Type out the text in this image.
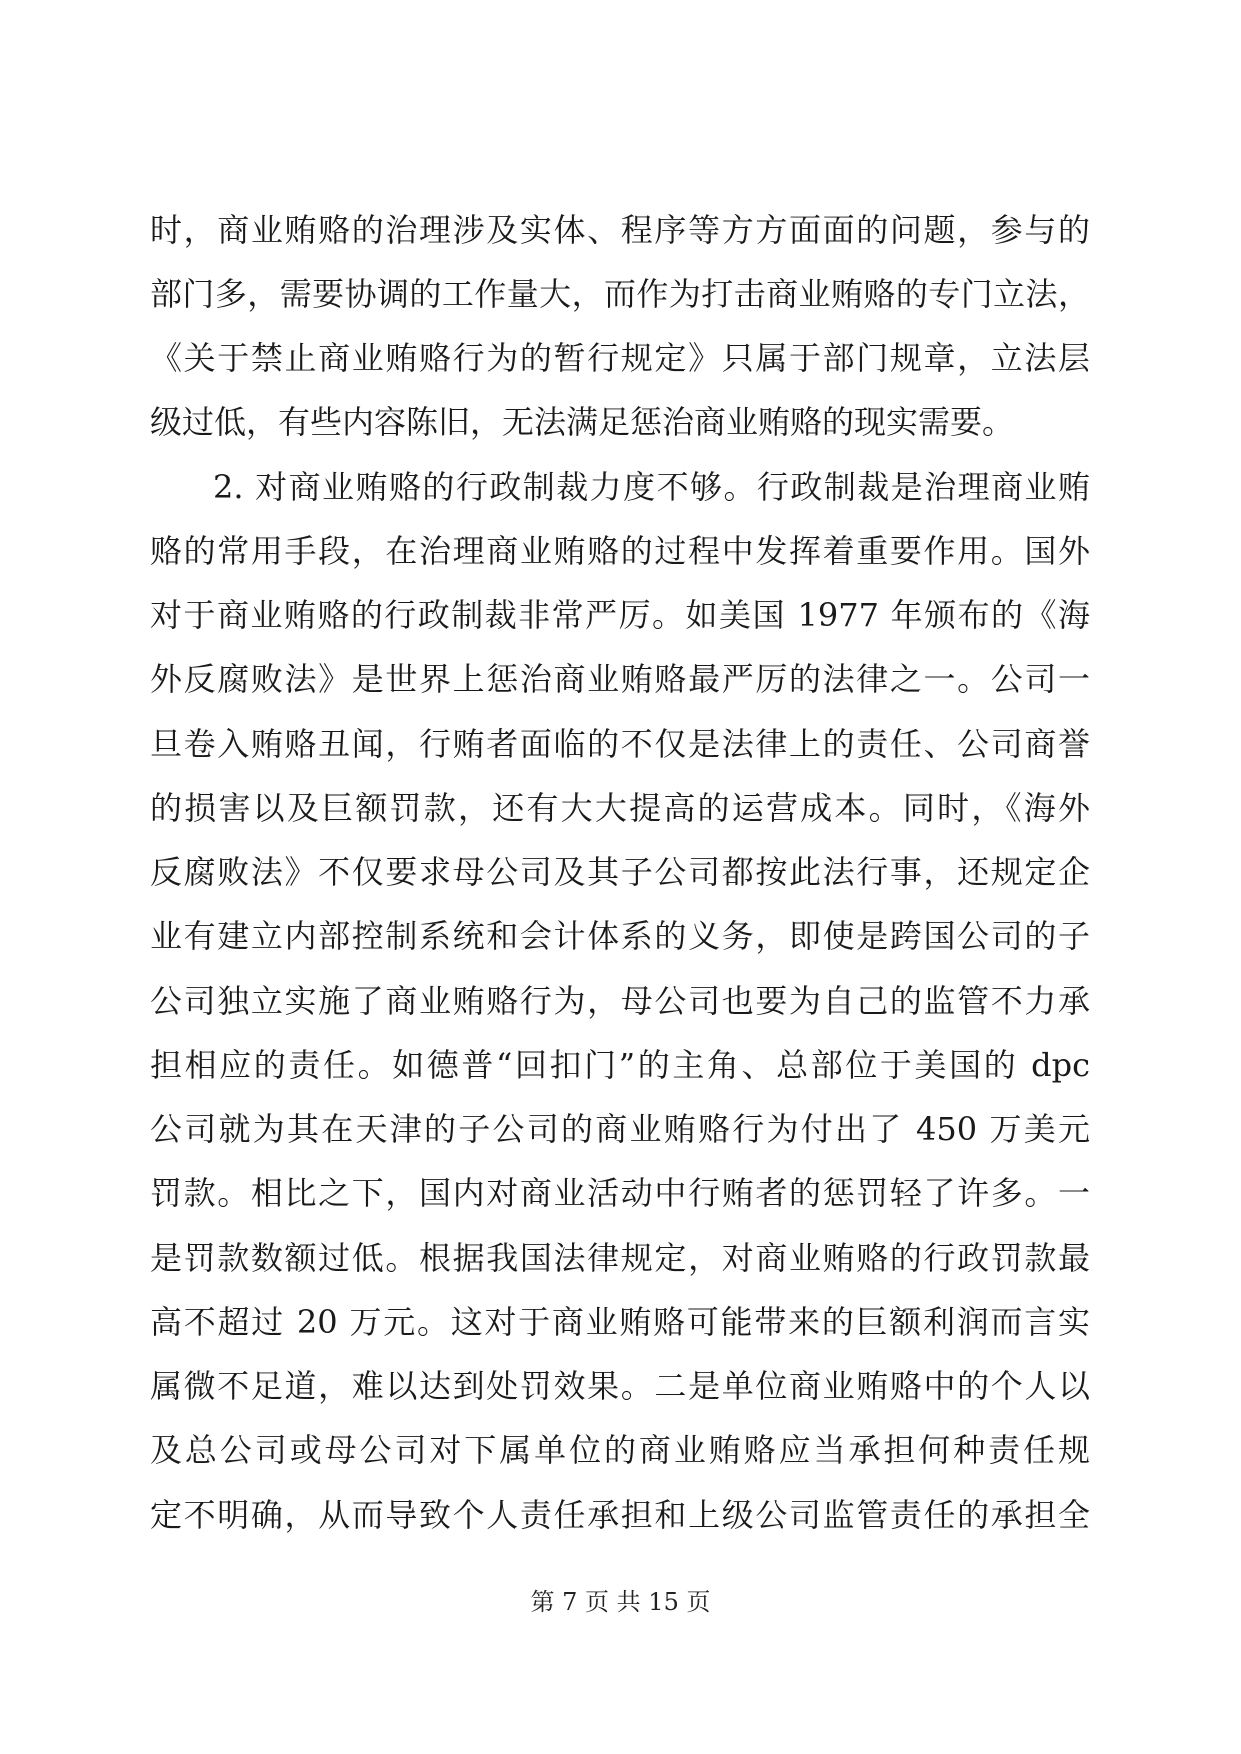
时，商业贿赂的治理涉及实体、程序等方方面面的问题，参与的
部门多，需要协调的工作量大，而作为打击商业贿赂的专门立法，
《关于禁止商业贿赂行为的暂行规定》只属于部门规章，立法层
级过低，有些内容陈旧，无法满足惩治商业贿赂的现实需要。
2. 对商业贿赂的行政制裁力度不够。行政制裁是治理商业贿
赂的常用手段，在治理商业贿赂的过程中发挥着重要作用。国外
对于商业贿赂的行政制裁非常严厉。如美国 1977 年颁布的《海
外反腐败法》是世界上惩治商业贿赂最严厉的法律之一。公司一
旦卷入贿赂丑闻，行贿者面临的不仅是法律上的责任、公司商誉
的损害以及巨额罚款，还有大大提高的运营成本。同时，《海外
反腐败法》不仅要求母公司及其子公司都按此法行事，还规定企
业有建立内部控制系统和会计体系的义务，即使是跨国公司的子
公司独立实施了商业贿赂行为，母公司也要为自己的监管不力承
担相应的责任。如德普“回扣门”的主角、总部位于美国的 dpc
公司就为其在天津的子公司的商业贿赂行为付出了 450 万美元
罚款。相比之下，国内对商业活动中行贿者的惩罚轻了许多。一
是罚款数额过低。根据我国法律规定，对商业贿赂的行政罚款最
高不超过 20 万元。这对于商业贿赂可能带来的巨额利润而言实
属微不足道，难以达到处罚效果。二是单位商业贿赂中的个人以
及总公司或母公司对下属单位的商业贿赂应当承担何种责任规
定不明确，从而导致个人责任承担和上级公司监管责任的承担全
第 7 页 共 15 页
